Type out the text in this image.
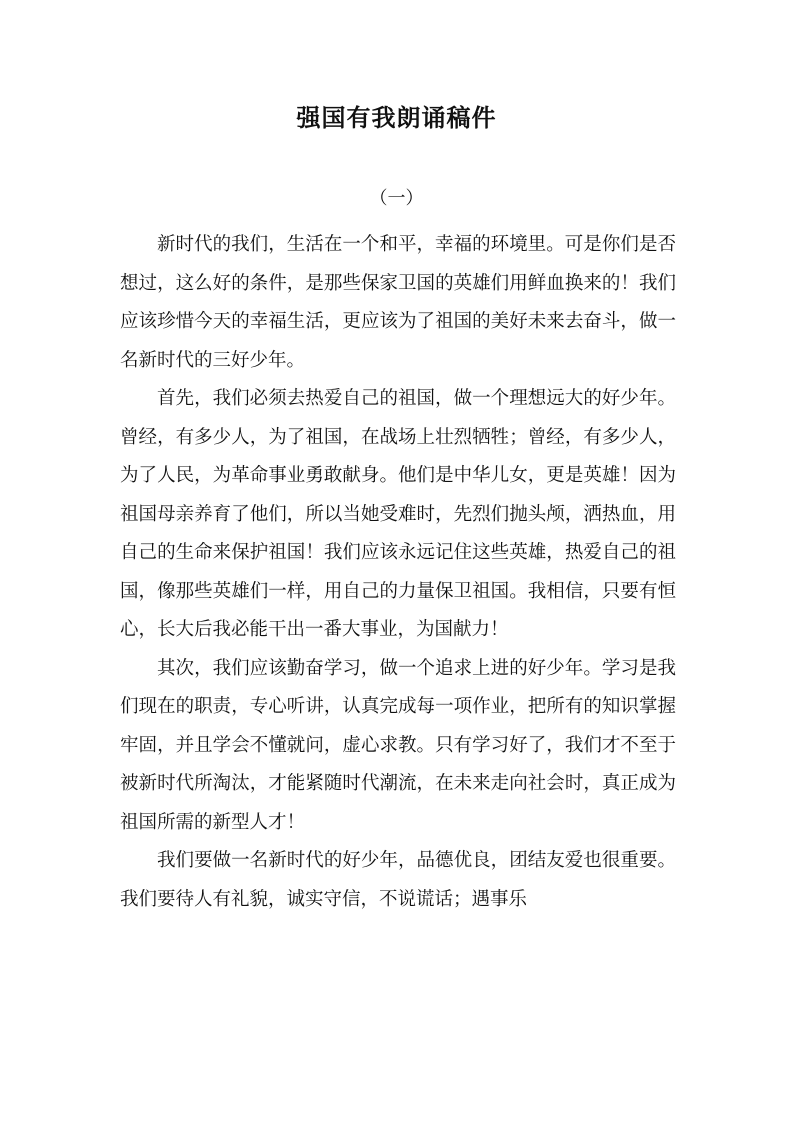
强国有我朗诵稿件
（一）

新时代的我们，生活在一个和平，幸福的环境里。可是你们是否想过，这么好的条件，是那些保家卫国的英雄们用鲜血换来的！我们应该珍惜今天的幸福生活，更应该为了祖国的美好未来去奋斗，做一名新时代的三好少年。

首先，我们必须去热爱自己的祖国，做一个理想远大的好少年。曾经，有多少人，为了祖国，在战场上壮烈牺牲；曾经，有多少人，为了人民，为革命事业勇敢献身。他们是中华儿女，更是英雄！因为祖国母亲养育了他们，所以当她受难时，先烈们抛头颅，洒热血，用自己的生命来保护祖国！我们应该永远记住这些英雄，热爱自己的祖国，像那些英雄们一样，用自己的力量保卫祖国。我相信，只要有恒心，长大后我必能干出一番大事业，为国献力！

其次，我们应该勤奋学习，做一个追求上进的好少年。学习是我们现在的职责，专心听讲，认真完成每一项作业，把所有的知识掌握牢固，并且学会不懂就问，虚心求教。只有学习好了，我们才不至于被新时代所淘汰，才能紧随时代潮流，在未来走向社会时，真正成为祖国所需的新型人才！

我们要做一名新时代的好少年，品德优良，团结友爱也很重要。我们要待人有礼貌，诚实守信，不说谎话；遇事乐
